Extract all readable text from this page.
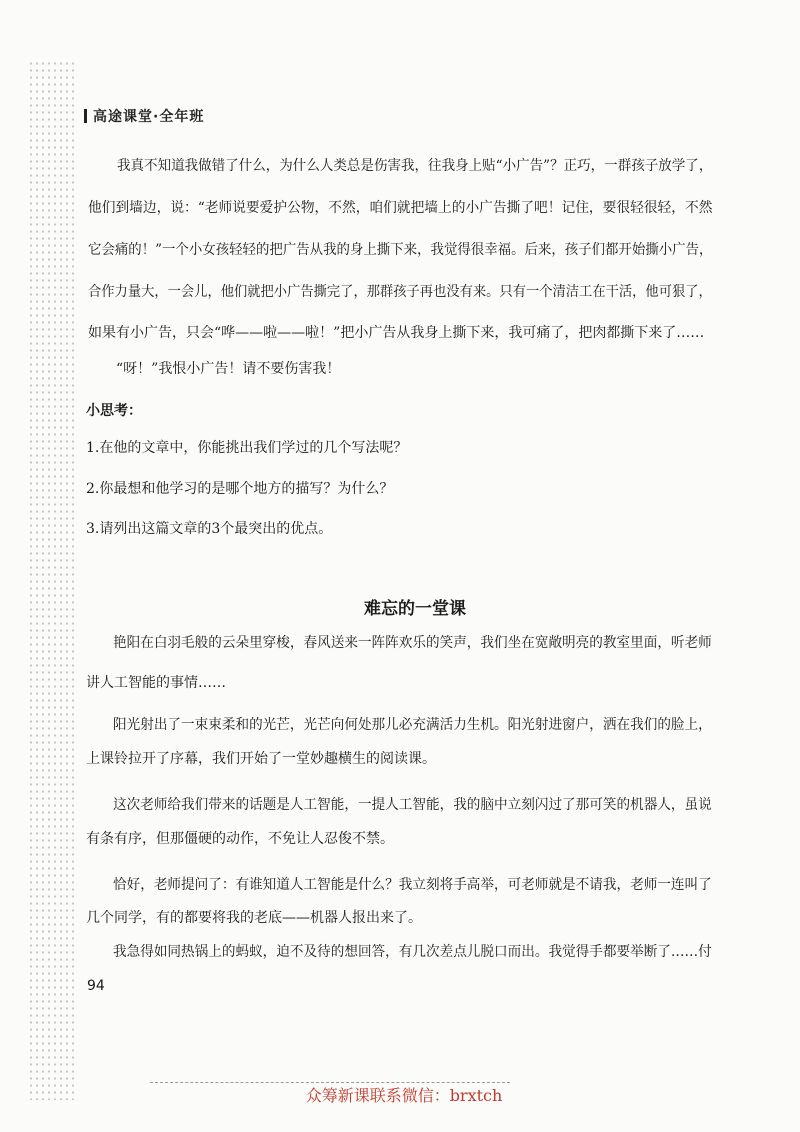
高途课堂·全年班
我真不知道我做错了什么，为什么人类总是伤害我，往我身上贴“小广告”？正巧，一群孩子放学了，
他们到墙边，说：“老师说要爱护公物，不然，咱们就把墙上的小广告撕了吧！记住，要很轻很轻，不然
它会痛的！”一个小女孩轻轻的把广告从我的身上撕下来，我觉得很幸福。后来，孩子们都开始撕小广告，
合作力量大，一会儿，他们就把小广告撕完了，那群孩子再也没有来。只有一个清洁工在干活，他可狠了，
如果有小广告，只会“哗——啦——啦！”把小广告从我身上撕下来，我可痛了，把肉都撕下来了……
“呀！”我恨小广告！请不要伤害我！
小思考：
1.在他的文章中，你能挑出我们学过的几个写法呢？
2.你最想和他学习的是哪个地方的描写？为什么？
3.请列出这篇文章的3个最突出的优点。
难忘的一堂课
艳阳在白羽毛般的云朵里穿梭，春风送来一阵阵欢乐的笑声，我们坐在宽敞明亮的教室里面，听老师
讲人工智能的事情……
阳光射出了一束束柔和的光芒，光芒向何处那儿必充满活力生机。阳光射进窗户，洒在我们的脸上，
上课铃拉开了序幕，我们开始了一堂妙趣横生的阅读课。
这次老师给我们带来的话题是人工智能，一提人工智能，我的脑中立刻闪过了那可笑的机器人，虽说
有条有序，但那僵硬的动作，不免让人忍俊不禁。
恰好，老师提问了：有谁知道人工智能是什么？我立刻将手高举，可老师就是不请我，老师一连叫了
几个同学，有的都要将我的老底——机器人报出来了。
我急得如同热锅上的蚂蚁，迫不及待的想回答，有几次差点儿脱口而出。我觉得手都要举断了……付
94
众筹新课联系微信：brxtch
